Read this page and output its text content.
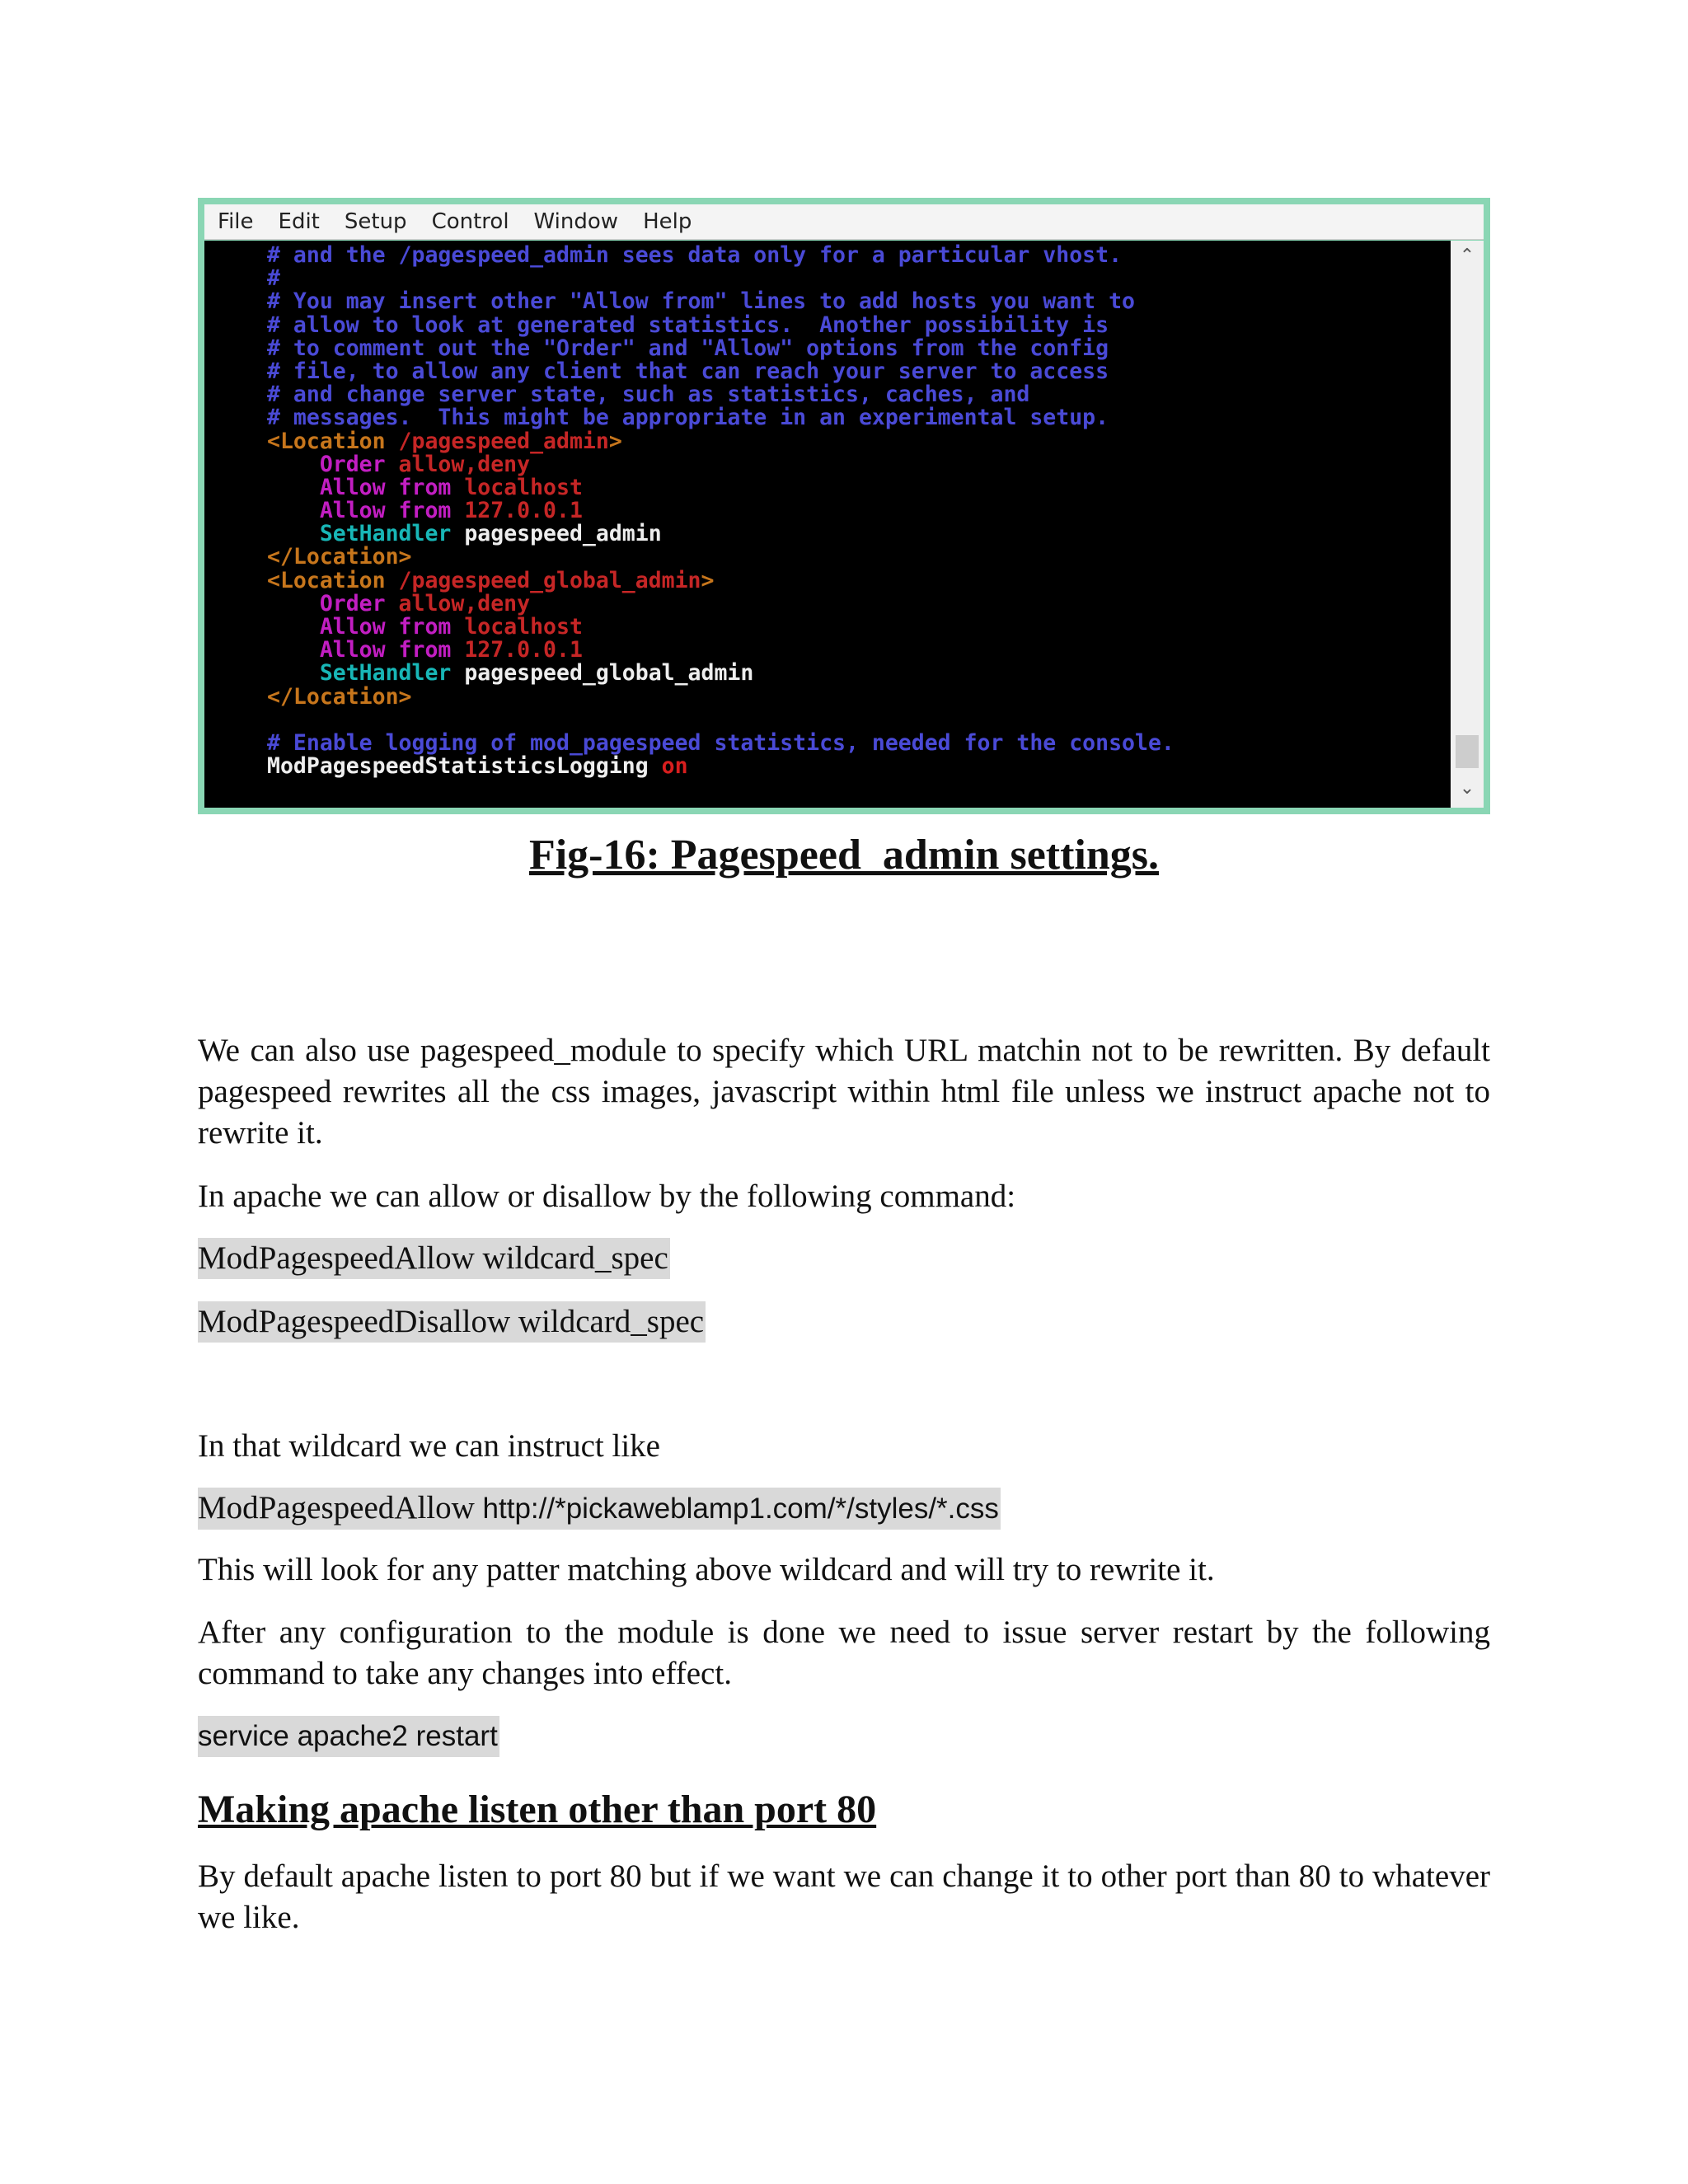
File Edit Setup Control Window Help
# and the /pagespeed_admin sees data only for a particular vhost.
#
# You may insert other "Allow from" lines to add hosts you want to
# allow to look at generated statistics.  Another possibility is
# to comment out the "Order" and "Allow" options from the config
# file, to allow any client that can reach your server to access
# and change server state, such as statistics, caches, and
# messages.  This might be appropriate in an experimental setup.
<Location /pagespeed_admin>
Order allow,deny
Allow from localhost
Allow from 127.0.0.1
SetHandler pagespeed_admin
</Location>
<Location /pagespeed_global_admin>
Order allow,deny
Allow from localhost
Allow from 127.0.0.1
SetHandler pagespeed_global_admin
</Location>
# Enable logging of mod_pagespeed statistics, needed for the console.
ModPagespeedStatisticsLogging on
⌃
⌄
Fig-16: Pagespeed_admin settings.
We can also use pagespeed_module to specify which URL matchin not to be rewritten. By default pagespeed rewrites all the css images, javascript within html file unless we instruct apache not to rewrite it.
In apache we can allow or disallow by the following command:
ModPagespeedAllow wildcard_spec
ModPagespeedDisallow wildcard_spec
In that wildcard we can instruct like
ModPagespeedAllow http://*pickaweblamp1.com/*/styles/*.css
This will look for any patter matching above wildcard and will try to rewrite it.
After any configuration to the module is done we need to issue server restart by the following command to take any changes into effect.
service apache2 restart
Making apache listen other than port 80
By default apache listen to port 80 but if we want we can change it to other port than 80 to whatever we like.
